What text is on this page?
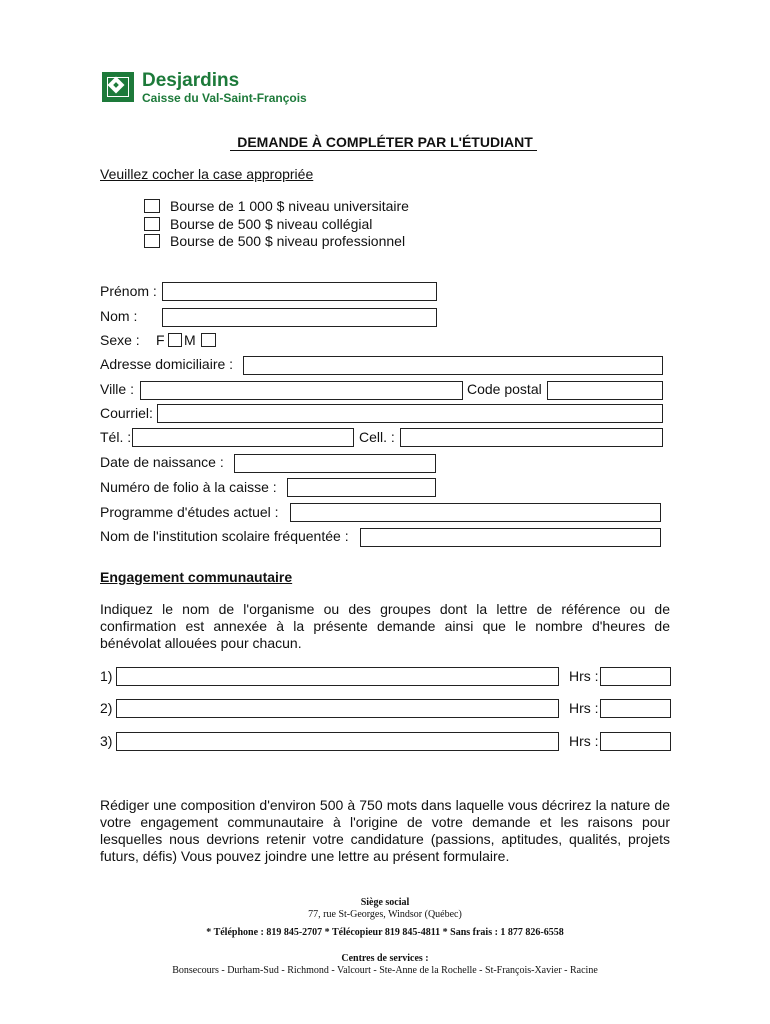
Desjardins
Caisse du Val-Saint-François
DEMANDE À COMPLÉTER PAR L'ÉTUDIANT
Veuillez cocher la case appropriée
Bourse de 1 000 $ niveau universitaire
Bourse de 500 $ niveau collégial
Bourse de 500 $ niveau professionnel
Prénom :
Nom :
Sexe : F M
Adresse domiciliaire :
Ville :	Code postal
Courriel:
Tél. :	Cell. :
Date de naissance :
Numéro de folio à la caisse :
Programme d'études actuel :
Nom de l'institution scolaire fréquentée :
Engagement communautaire
Indiquez le nom de l'organisme ou des groupes dont la lettre de référence ou de confirmation est annexée à la présente demande ainsi que le nombre d'heures de bénévolat allouées pour chacun.
1)	Hrs :
2)	Hrs :
3)	Hrs :
Rédiger une composition d'environ 500 à 750 mots dans laquelle vous décrirez la nature de votre engagement communautaire à l'origine de votre demande et les raisons pour lesquelles nous devrions retenir votre candidature (passions, aptitudes, qualités, projets futurs, défis) Vous pouvez joindre une lettre au présent formulaire.
Siège social
77, rue St-Georges, Windsor (Québec)
* Téléphone : 819 845-2707 * Télécopieur 819 845-4811 * Sans frais : 1 877 826-6558
Centres de services :
Bonsecours - Durham-Sud - Richmond - Valcourt - Ste-Anne de la Rochelle - St-François-Xavier - Racine
